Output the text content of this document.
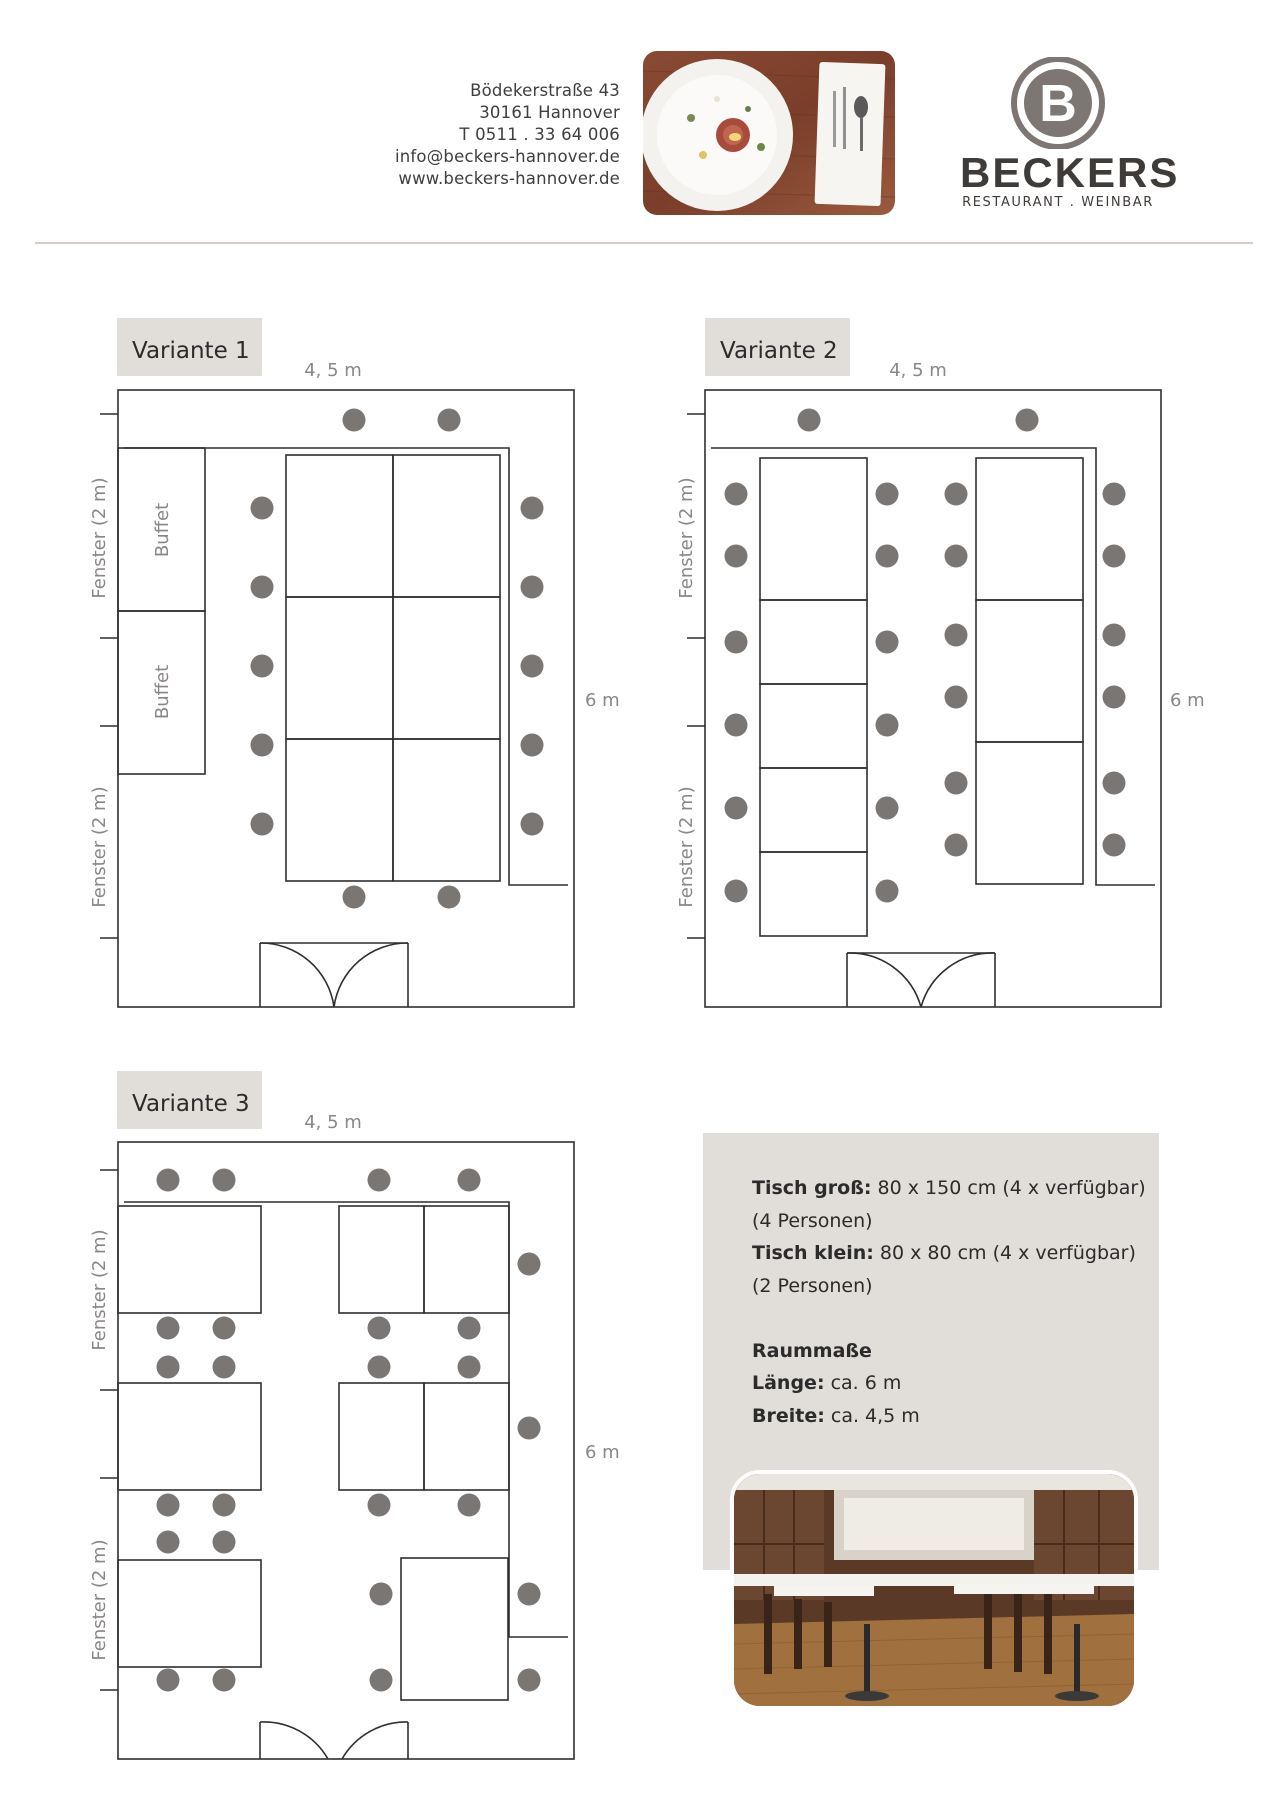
Bödekerstraße 43
30161 Hannover
T 0511 . 33 64 006
info@beckers-hannover.de
www.beckers-hannover.de
B
BECKERS
RESTAURANT . WEINBAR
Variante 1	Variante 2
Variante 3
4, 5 m	4, 5 m
4, 5 m
6 m	6 m
6 m
Fenster (2 m)
Fenster (2 m)
Fenster (2 m)
Fenster (2 m)
Fenster (2 m)
Fenster (2 m)
Buffet
Buffet
Tisch groß: 80 x 150 cm (4 x verfügbar)
(4 Personen)
Tisch klein: 80 x 80 cm (4 x verfügbar)
(2 Personen)

Raummaße
Länge: ca. 6 m
Breite: ca. 4,5 m
